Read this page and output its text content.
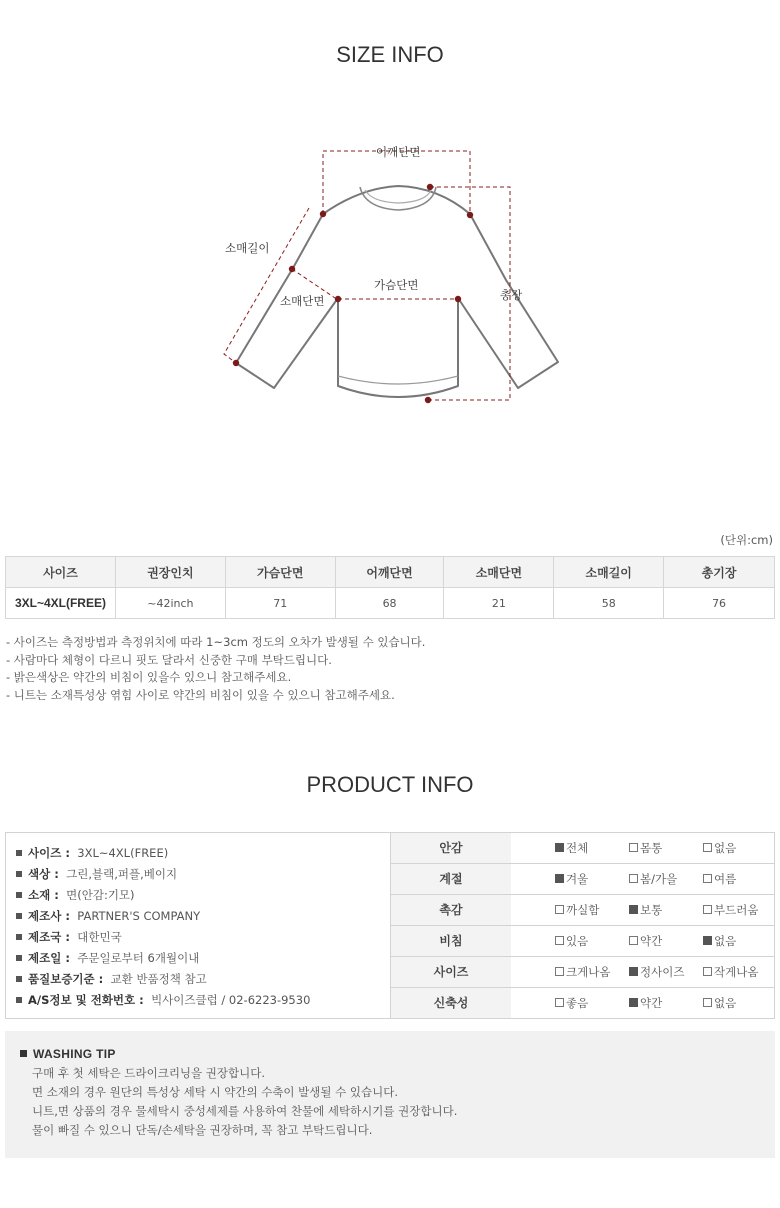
SIZE INFO
어깨단면
소매길이
가슴단면
소매단면	총장
(단위:cm)
사이즈	권장인치	가슴단면	어깨단면	소매단면	소매길이	총기장
3XL~4XL(FREE)	~42inch	71	68	21	58	76
- 사이즈는 측정방법과 측정위치에 따라 1~3cm 정도의 오차가 발생될 수 있습니다.
- 사람마다 체형이 다르니 핏도 달라서 신중한 구매 부탁드립니다.
- 밝은색상은 약간의 비침이 있을수 있으니 참고해주세요.
- 니트는 소재특성상 엮힘 사이로 약간의 비침이 있을 수 있으니 참고해주세요.
PRODUCT INFO
사이즈 : 3XL~4XL(FREE)
색상 : 그린,블랙,퍼플,베이지
소재 : 면(안감:기모)
제조사 : PARTNER'S COMPANY
제조국 : 대한민국
제조일 : 주문일로부터 6개월이내
품질보증기준 : 교환 반품정책 참고
A/S정보 및 전화번호 : 빅사이즈클럽 / 02-6223-9530
안감	전체	몸통	없음
계절	겨울	봄/가을	여름
촉감	까실함	보통	부드러움
비침	있음	약간	없음
사이즈	크게나옴	정사이즈	작게나옴
신축성	좋음	약간	없음
WASHING TIP
구매 후 첫 세탁은 드라이크리닝을 권장합니다.
면 소재의 경우 원단의 특성상 세탁 시 약간의 수축이 발생될 수 있습니다.
니트,면 상품의 경우 물세탁시 중성세제를 사용하여 찬물에 세탁하시기를 권장합니다.
물이 빠질 수 있으니 단독/손세탁을 권장하며, 꼭 참고 부탁드립니다.
